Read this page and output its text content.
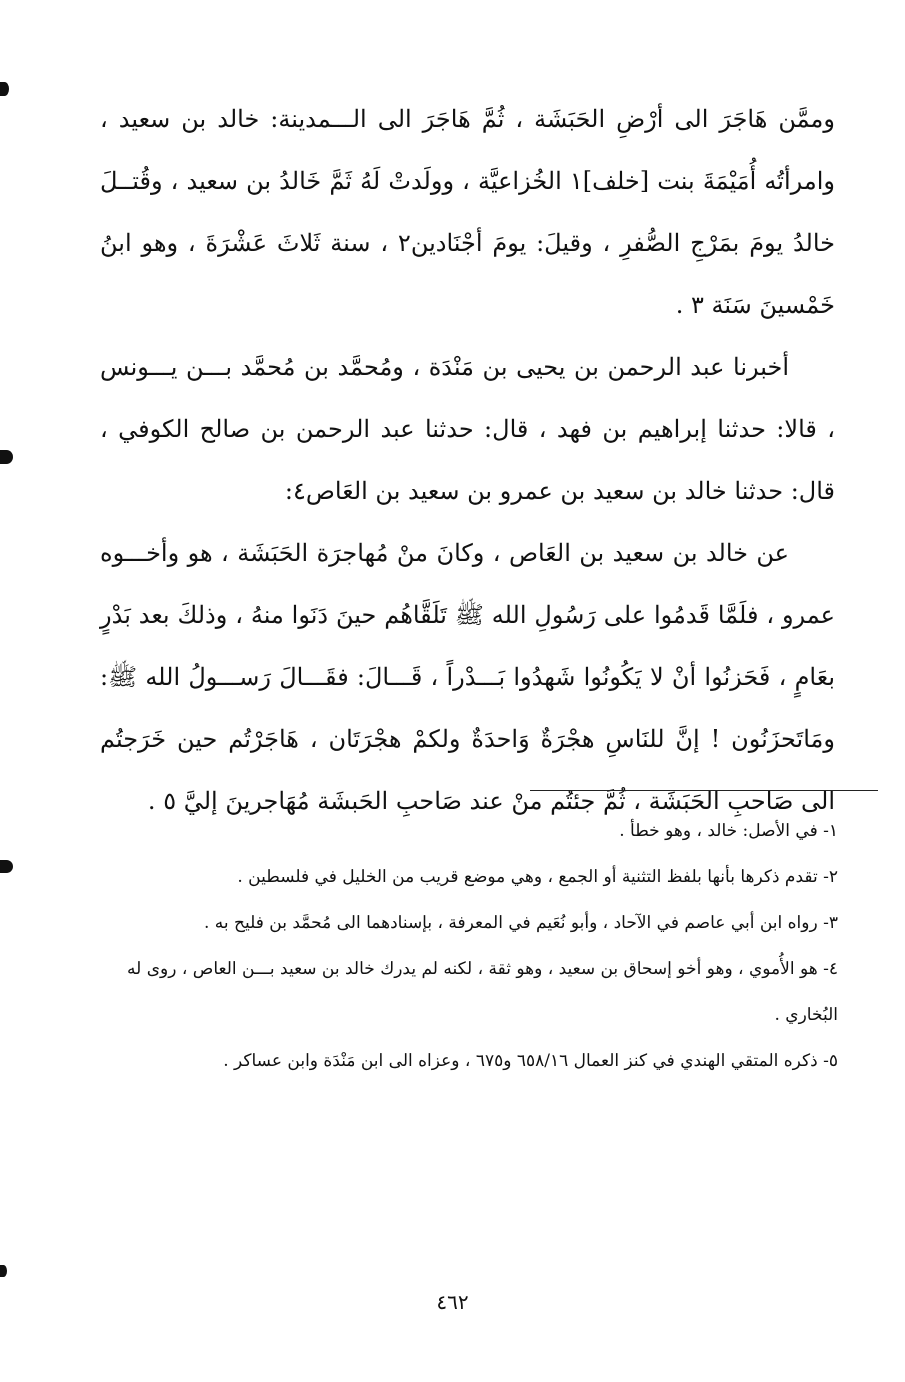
وممَّن هَاجَرَ الى أرْضِ الحَبَشَة ، ثُمَّ هَاجَرَ الى الـــمدينة: خالد بن سعيد ، وامرأتُه أُمَيْمَةَ بنت [خلف]١ الخُزاعيَّة ، وولَدتْ لَهُ ثَمَّ خَالدُ بن سعيد ، وقُتــلَ خالدُ يومَ بمَرْجِ الصُّفرِ ، وقيلَ: يومَ أجْنَادين٢ ، سنة ثَلاثَ عَشْرَةَ ، وهو ابنُ خَمْسينَ سَنَة ٣ .

أخبرنا عبد الرحمن بن يحيى بن مَنْدَة ، ومُحمَّد بن مُحمَّد بـــن يـــونس ، قالا: حدثنا إبراهيم بن فهد ، قال: حدثنا عبد الرحمن بن صالح الكوفي ، قال: حدثنا خالد بن سعيد بن عمرو بن سعيد بن العَاص٤:

عن خالد بن سعيد بن العَاص ، وكانَ منْ مُهاجرَة الحَبَشَة ، هو وأخـــوه عمرو ، فلَمَّا قَدمُوا على رَسُولِ الله ﷺ تَلَقَّاهُم حينَ دَنَوا منهُ ، وذلكَ بعد بَدْرٍ بعَامٍ ، فَحَزنُوا أنْ لا يَكُونُوا شَهدُوا بَـــدْراً ، قَـــالَ: فقَـــالَ رَســـولُ الله ﷺ: ومَاتَحزَنُون ! إنَّ للنَاسِ هجْرَةٌ وَاحدَةٌ ولكمْ هجْرَتَان ، هَاجَرْتُم حين خَرَجتُم الى صَاحبِ الحَبَشَة ، ثُمَّ جئتُم منْ عند صَاحبِ الحَبشَة مُهَاجرينَ إليَّ ٥ .

١- في الأصل: خالد ، وهو خطأ .

٢- تقدم ذكرها بأنها بلفظ التثنية أو الجمع ، وهي موضع قريب من الخليل في فلسطين .

٣- رواه ابن أبي عاصم في الآحاد ، وأبو نُعَيم في المعرفة ، بإسنادهما الى مُحمَّد بن فليح به .

٤- هو الأُموي ، وهو أخو إسحاق بن سعيد ، وهو ثقة ، لكنه لم يدرك خالد بن سعيد بـــن العاص ، روى له البُخاري .

٥- ذكره المتقي الهندي في كنز العمال ٦٥٨/١٦ و٦٧٥ ، وعزاه الى ابن مَنْدَة وابن عساكر .

٤٦٢
